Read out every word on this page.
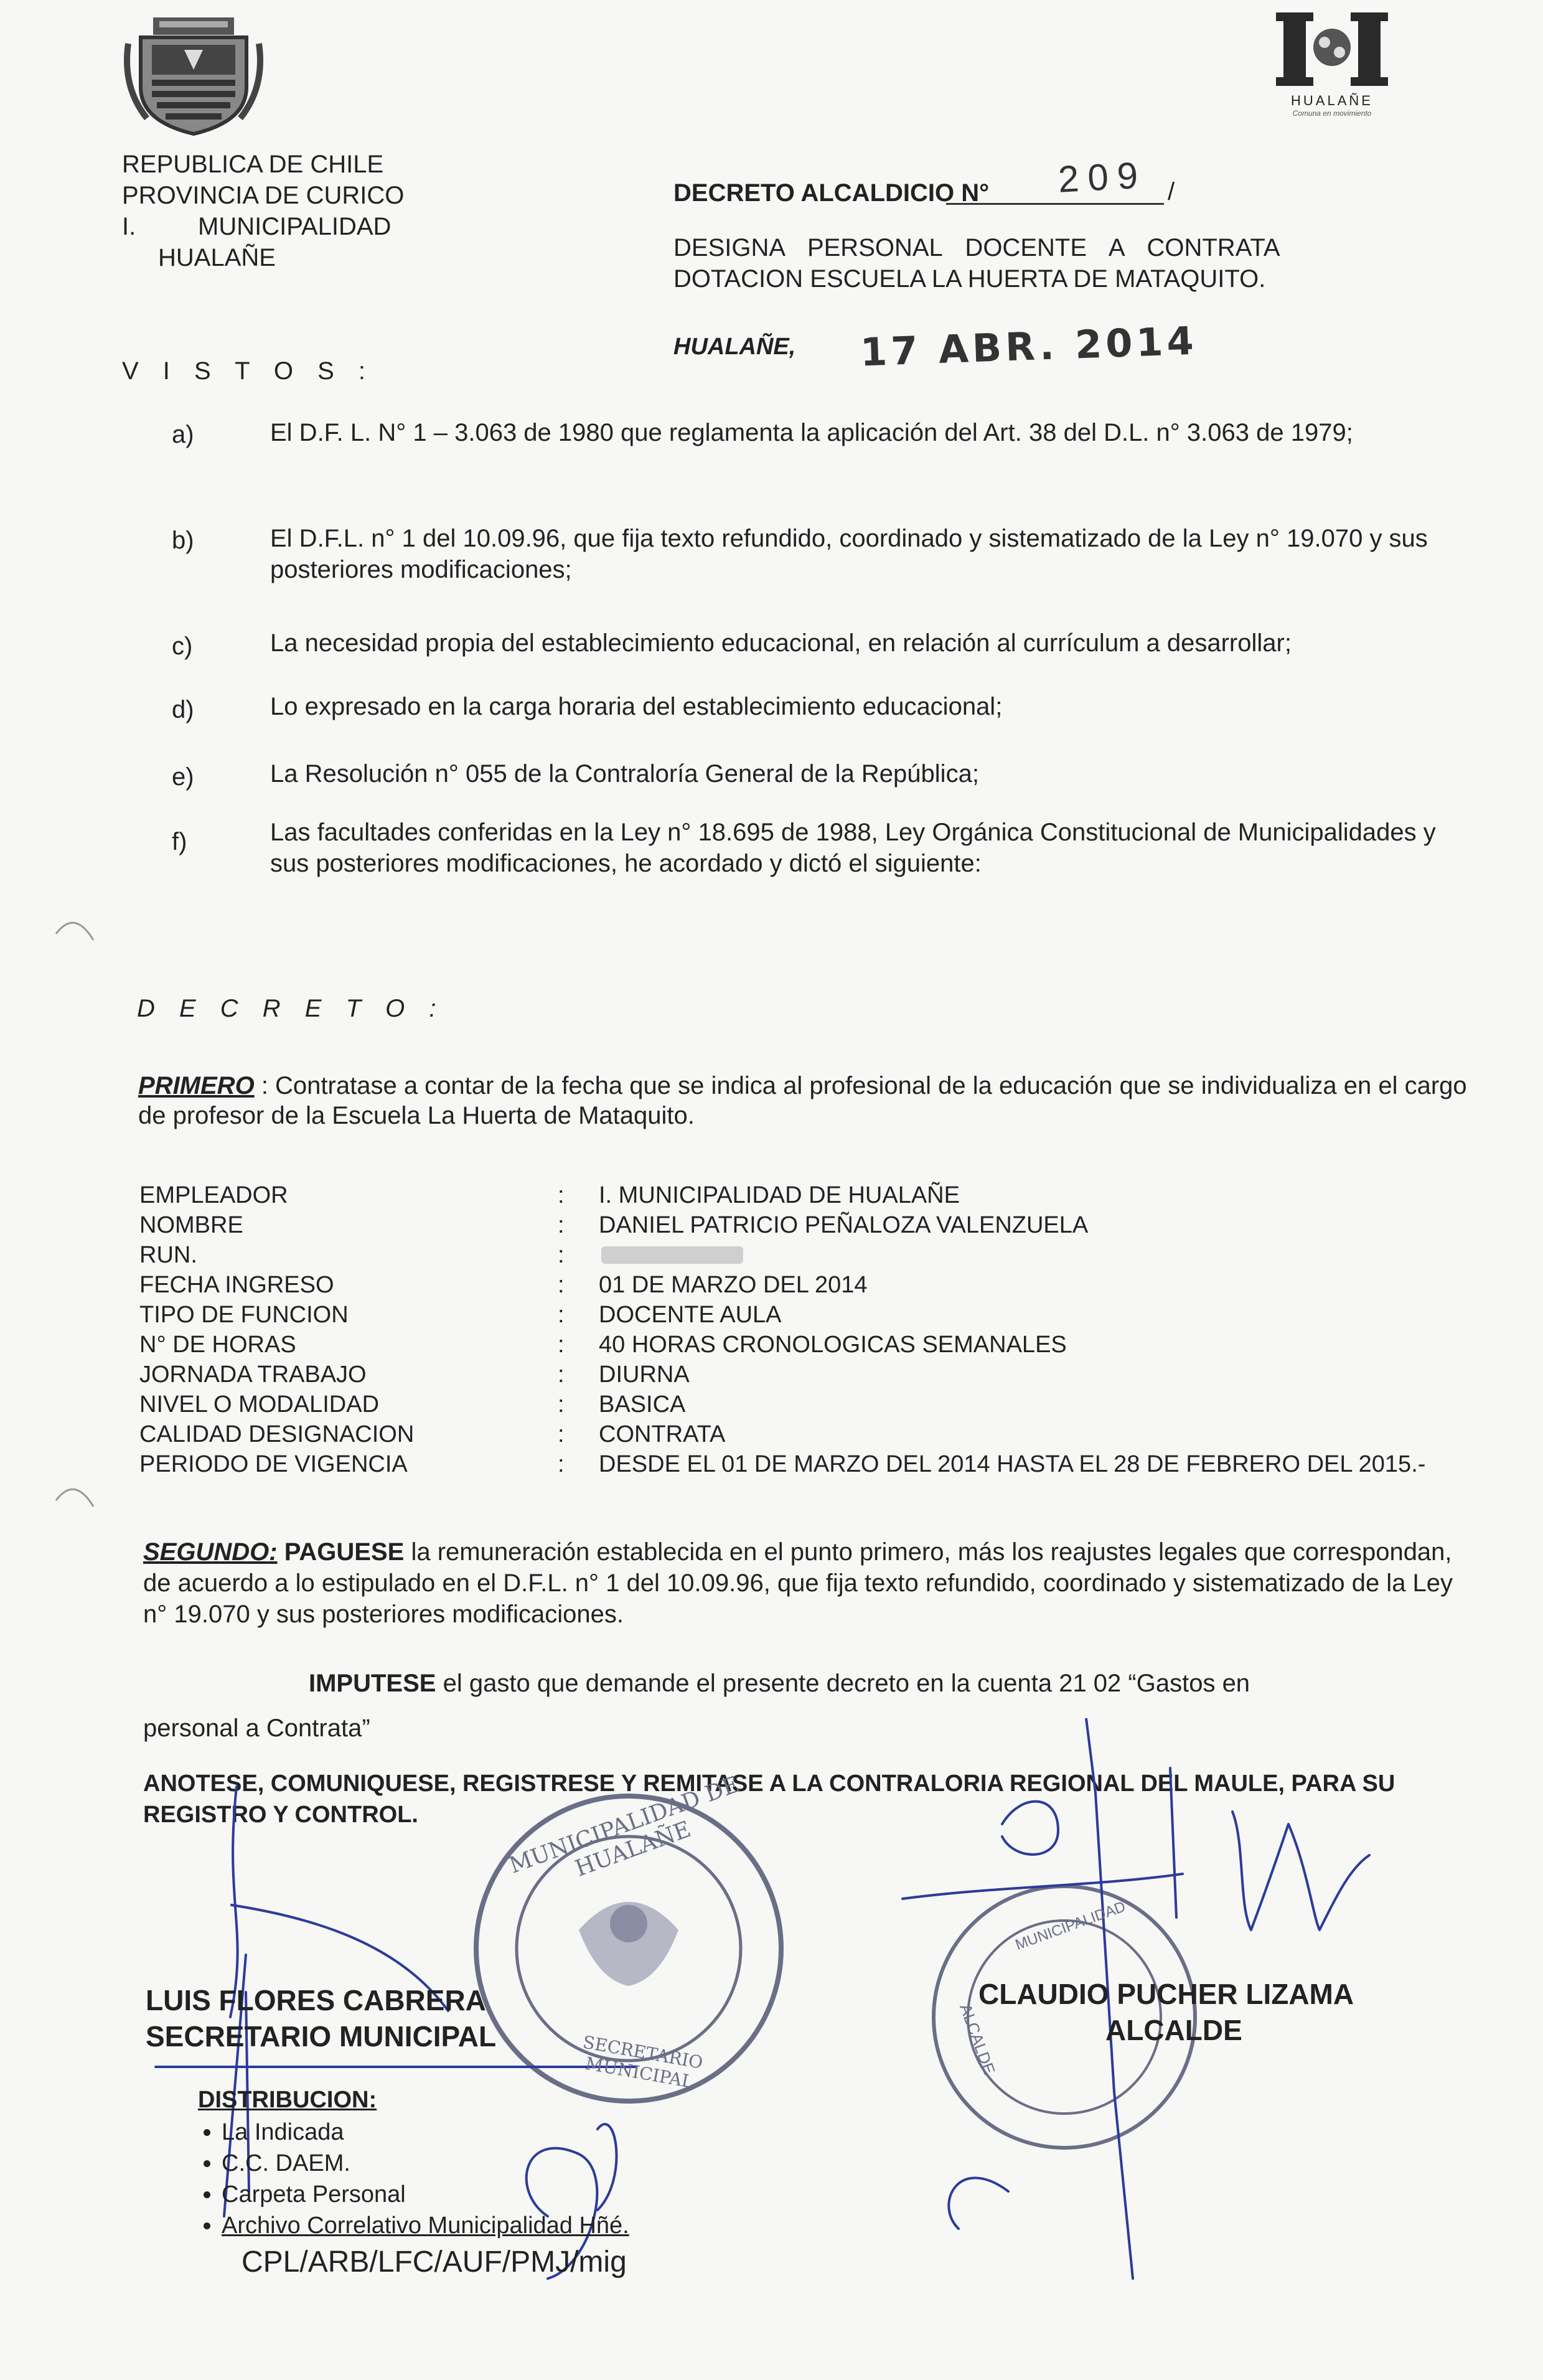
REPUBLICA DE CHILE
PROVINCIA DE CURICO
I. MUNICIPALIDAD
HUALAÑE
HUALAÑE
Comuna en movimiento
DECRETO ALCALDICIO N°	/
209
DESIGNA PERSONAL DOCENTE A CONTRATA
DOTACION ESCUELA LA HUERTA DE MATAQUITO.
HUALAÑE, 17 ABR. 2014
V I S T O S :
a)	El D.F. L. N° 1 – 3.063 de 1980 que reglamenta la aplicación del Art. 38 del D.L. n° 3.063 de 1979;
b)	El D.F.L. n° 1 del 10.09.96, que fija texto refundido, coordinado y sistematizado de la Ley n° 19.070 y sus posteriores modificaciones;
c)	La necesidad propia del establecimiento educacional, en relación al currículum a desarrollar;
d)	Lo expresado en la carga horaria del establecimiento educacional;
e)	La Resolución n° 055 de la Contraloría General de la República;
f)	Las facultades conferidas en la Ley n° 18.695 de 1988, Ley Orgánica Constitucional de Municipalidades y sus posteriores modificaciones, he acordado y dictó el siguiente:
D E C R E T O :
PRIMERO : Contratase a contar de la fecha que se indica al profesional de la educación que se individualiza en el cargo de profesor de la Escuela La Huerta de Mataquito.
EMPLEADOR	: I. MUNICIPALIDAD DE HUALAÑE
NOMBRE	: DANIEL PATRICIO PEÑALOZA VALENZUELA
RUN.	:
FECHA INGRESO	: 01 DE MARZO DEL 2014
TIPO DE FUNCION	: DOCENTE AULA
N° DE HORAS	: 40 HORAS CRONOLOGICAS SEMANALES
JORNADA TRABAJO	: DIURNA
NIVEL O MODALIDAD	: BASICA
CALIDAD DESIGNACION	: CONTRATA
PERIODO DE VIGENCIA	: DESDE EL 01 DE MARZO DEL 2014 HASTA EL 28 DE FEBRERO DEL 2015.-
SEGUNDO: PAGUESE la remuneración establecida en el punto primero, más los reajustes legales que correspondan, de acuerdo a lo estipulado en el D.F.L. n° 1 del 10.09.96, que fija texto refundido, coordinado y sistematizado de la Ley n° 19.070 y sus posteriores modificaciones.
IMPUTESE el gasto que demande el presente decreto en la cuenta 21 02 “Gastos en
personal a Contrata”
ANOTESE, COMUNIQUESE, REGISTRESE Y REMITASE A LA CONTRALORIA REGIONAL DEL MAULE, PARA SU REGISTRO Y CONTROL.	MUNICIPALIDAD DE HUALAÑE
SECRETARIO MUNICIPAL
MUNICIPALIDAD
ALCALDE
LUIS FLORES CABRERA
SECRETARIO MUNICIPAL
CLAUDIO PUCHER LIZAMA
ALCALDE
DISTRIBUCION:
• La Indicada
• C.C. DAEM.
• Carpeta Personal
• Archivo Correlativo Municipalidad Hñé.
CPL/ARB/LFC/AUF/PMJ/mig
